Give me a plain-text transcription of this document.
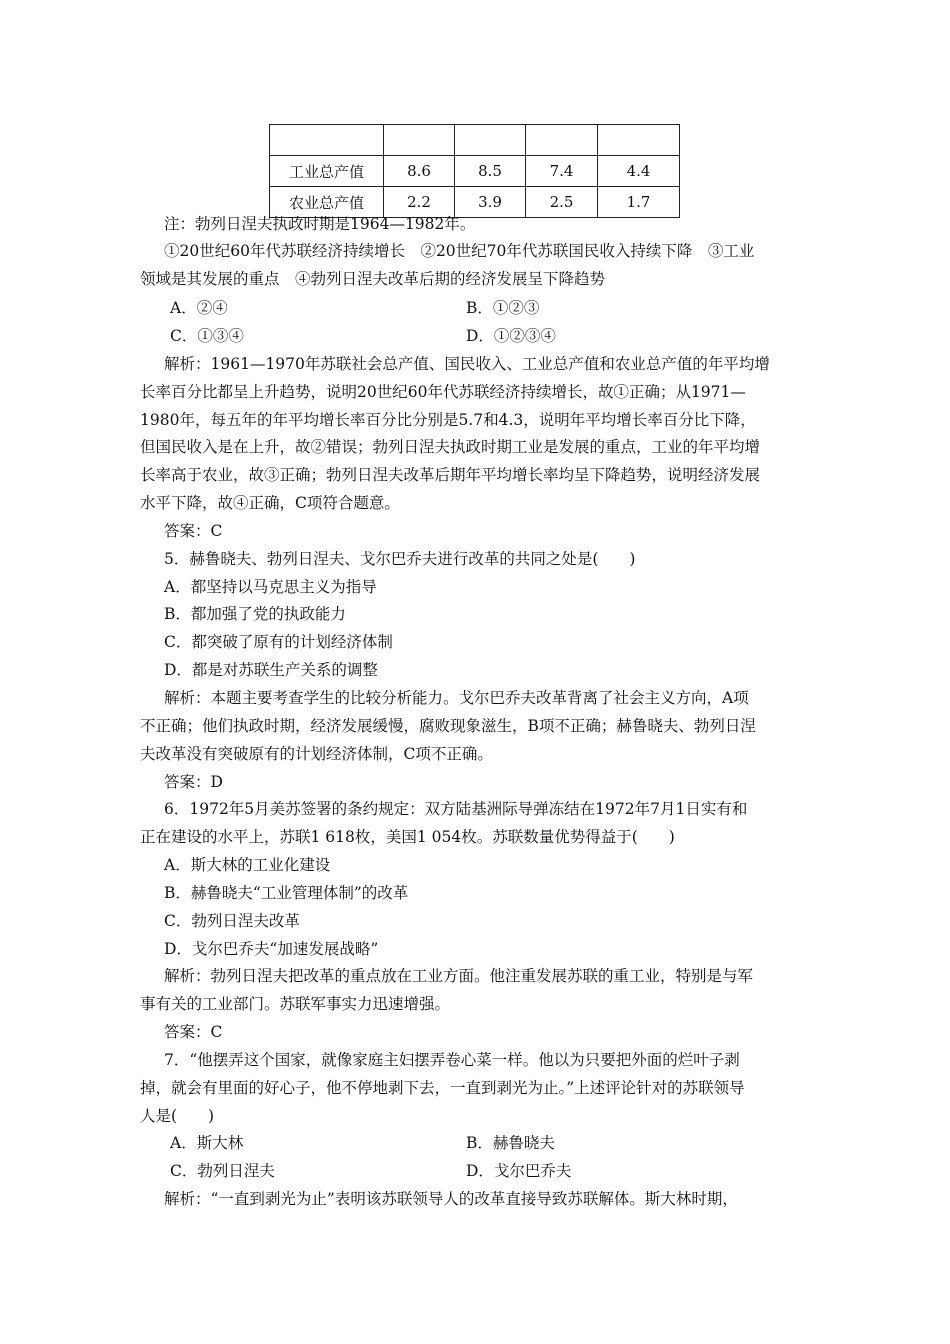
工业总产值	8.6	8.5	7.4	4.4
农业总产值	2.2	3.9	2.5	1.7
注：勃列日涅夫执政时期是1964—1982年。
①20世纪60年代苏联经济持续增长　②20世纪70年代苏联国民收入持续下降　③工业
领域是其发展的重点　④勃列日涅夫改革后期的经济发展呈下降趋势
A．②④	B．①②③
C．①③④	D．①②③④
解析：1961—1970年苏联社会总产值、国民收入、工业总产值和农业总产值的年平均增
长率百分比都呈上升趋势，说明20世纪60年代苏联经济持续增长，故①正确；从1971—
1980年，每五年的年平均增长率百分比分别是5.7和4.3，说明年平均增长率百分比下降，
但国民收入是在上升，故②错误；勃列日涅夫执政时期工业是发展的重点，工业的年平均增
长率高于农业，故③正确；勃列日涅夫改革后期年平均增长率均呈下降趋势，说明经济发展
水平下降，故④正确，C项符合题意。
答案：C
5．赫鲁晓夫、勃列日涅夫、戈尔巴乔夫进行改革的共同之处是(　　)
A．都坚持以马克思主义为指导
B．都加强了党的执政能力
C．都突破了原有的计划经济体制
D．都是对苏联生产关系的调整
解析：本题主要考查学生的比较分析能力。戈尔巴乔夫改革背离了社会主义方向，A项
不正确；他们执政时期，经济发展缓慢，腐败现象滋生，B项不正确；赫鲁晓夫、勃列日涅
夫改革没有突破原有的计划经济体制，C项不正确。
答案：D
6．1972年5月美苏签署的条约规定：双方陆基洲际导弹冻结在1972年7月1日实有和
正在建设的水平上，苏联1 618枚，美国1 054枚。苏联数量优势得益于(　　)
A．斯大林的工业化建设
B．赫鲁晓夫“工业管理体制”的改革
C．勃列日涅夫改革
D．戈尔巴乔夫“加速发展战略”
解析：勃列日涅夫把改革的重点放在工业方面。他注重发展苏联的重工业，特别是与军
事有关的工业部门。苏联军事实力迅速增强。
答案：C
7．“他摆弄这个国家，就像家庭主妇摆弄卷心菜一样。他以为只要把外面的烂叶子剥
掉，就会有里面的好心子，他不停地剥下去，一直到剥光为止。”上述评论针对的苏联领导
人是(　　)
A．斯大林	B．赫鲁晓夫
C．勃列日涅夫	D．戈尔巴乔夫
解析：“一直到剥光为止”表明该苏联领导人的改革直接导致苏联解体。斯大林时期，
